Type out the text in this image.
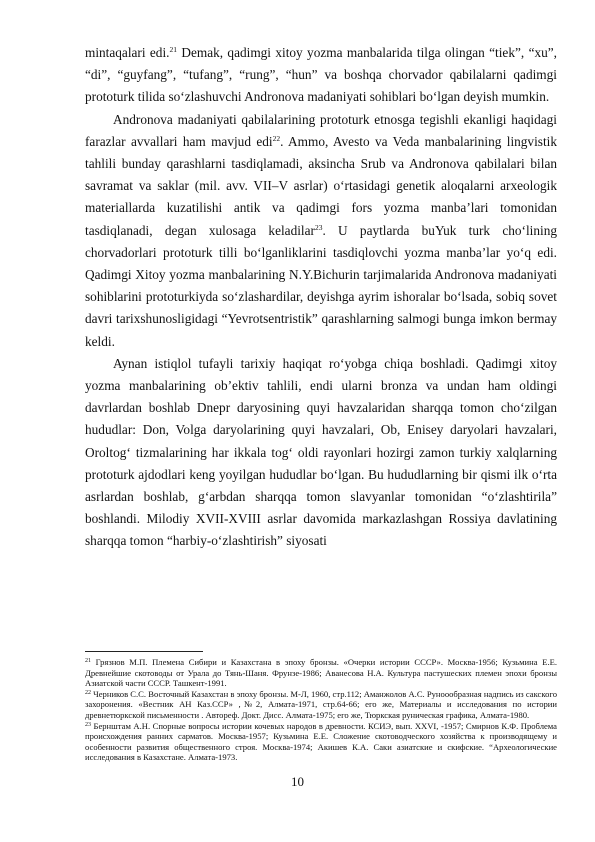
mintaqalari edi.$^{21}$ Demak, qadimgi xitoy yozma manbalarida tilga olingan “tiek”, “xu”, “di”, “guyfang”, “tufang”, “rung”, “hun” va boshqa chorvador qabilalarni qadimgi prototurk tilida so‘zlashuvchi Andronova madaniyati sohiblari bo‘lgan deyish mumkin.

Andronova madaniyati qabilalarining prototurk etnosga tegishli ekanligi haqidagi farazlar avvallari ham mavjud edi$^{22}$. Ammo, Avesto va Veda manbalarining lingvistik tahlili bunday qarashlarni tasdiqlamadi, aksincha Srub va Andronova qabilalari bilan savramat va saklar (mil. avv. VII–V asrlar) o‘rtasidagi genetik aloqalarni arxeologik materiallarda kuzatilishi antik va qadimgi fors yozma manba’lari tomonidan tasdiqlanadi, degan xulosaga keladilar$^{23}$. U paytlarda buYuk turk cho‘lining chorvadorlari prototurk tilli bo‘lganliklarini tasdiqlovchi yozma manba’lar yo‘q edi. Qadimgi Xitoy yozma manbalarining N.Y.Bichurin tarjimalarida Andronova madaniyati sohiblarini prototurkiyda so‘zlashardilar, deyishga ayrim ishoralar bo‘lsada, sobiq sovet davri tarixshunosligidagi “Yevrotsentristik” qarashlarning salmogi bunga imkon bermay keldi.

Aynan istiqlol tufayli tarixiy haqiqat ro‘yobga chiqa boshladi. Qadimgi xitoy yozma manbalarining ob’ektiv tahlili, endi ularni bronza va undan ham oldingi davrlardan boshlab Dnepr daryosining quyi havzalaridan sharqqa tomon cho‘zilgan hududlar: Don, Volga daryolarining quyi havzalari, Ob, Enisey daryolari havzalari, Oroltog‘ tizmalarining har ikkala tog‘ oldi rayonlari hozirgi zamon turkiy xalqlarning prototurk ajdodlari keng yoyilgan hududlar bo‘lgan. Bu hududlarning bir qismi ilk o‘rta asrlardan boshlab, g‘arbdan sharqqa tomon slavyanlar tomonidan “o‘zlashtirila” boshlandi. Milodiy XVII-XVIII asrlar davomida markazlashgan Rossiya davlatining sharqqa tomon “harbiy-o‘zlashtirish” siyosati

$^{21}$ Грязнов М.П. Племена Сибири и Казахстана в эпоху бронзы. «Очерки истории СССР». Москва-1956; Кузьмина Е.Е. Древнейшие скотоводы от Урала до Тянь-Шаня. Фрунзе-1986; Аванесова Н.А. Культура пастушеских племен эпохи бронзы Азиатской части СССР. Ташкент-1991.

$^{22}$ Черников С.С. Восточный Казахстан в эпоху бронзы. М-Л, 1960, стр.112; Аманжолов А.С. Руноообразная надпись из сакского захоронения. «Вестник АН Каз.ССР» ,№2, Алмата-1971, стр.64-66; его же, Материалы и исследования по истории древнетюркской письменности . Автореф. Докт. Дисс. Алмата-1975; его же, Тюркская руническая графика, Алмата-1980.

$^{23}$ Бернштам А.Н. Спорные вопросы истории кочевых народов в древности. КСИЭ, вып. XXVI, -1957; Смирнов К.Ф. Проблема происхождения ранних сарматов. Москва-1957; Кузьмина Е.Е. Сложение скотоводческого хозяйства к производящему и особенности развития общественного строя. Москва-1974; Акишев К.А. Саки азиатские и скифские. “Археологические исследования в Казахстане. Алмата-1973.

10
